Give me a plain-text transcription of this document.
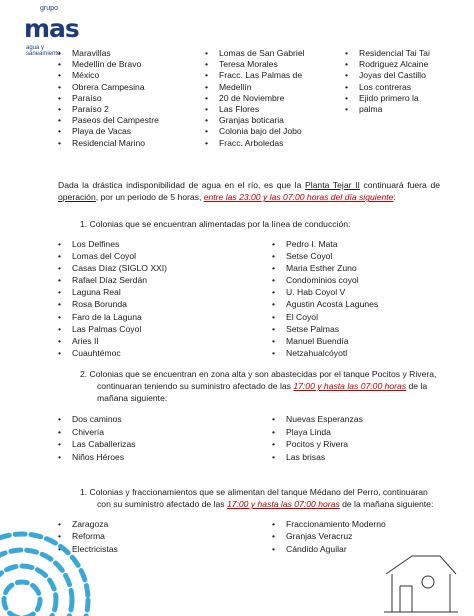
grupo
mas
agua y
saneamiento
•	Maravillas
• Medellín de Bravo
• México
• Obrera Campesina
• Paraíso
• Paraíso 2
• Paseos del Campestre
• Playa de Vacas
• Residencial Marino
• Lomas de San Gabriel
• Teresa Morales
• Fracc. Las Palmas de
• Medellín
• 20 de Noviembre
• Las Flores
• Granjas boticaria
• Colonia bajo del Jobo
• Fracc. Arboledas
• Residencial Tai Tai
• Rodriguez Alcaine
• Joyas del Castillo
• Los contreras
• Ejido primero la
• palma
Dada la drástica indisponibilidad de agua en el río, es que la Planta Tejar II continuará fuera de operación, por un periodo de 5 horas, entre las 23:00 y las 07:00 horas del día siguiente:
1. Colonias que se encuentran alimentadas por la línea de conducción:
• Los Delfines
• Lomas del Coyol
• Casas Díaz (SIGLO XXI)
• Rafael Díaz Serdán
• Laguna Real
• Rosa Borunda
• Faro de la Laguna
• Las Palmas Coyol
• Aries II
• Cuauhtémoc
• Pedro I. Mata
• Setse Coyol
• Maria Esther Zuno
• Condominios coyol
• U. Hab Coyol V
• Agustin Acosta Lagunes
• El Coyol
• Setse Palmas
• Manuel Buendía
• Netzahualcóyotl
2. Colonias que se encuentran en zona alta y son abastecidas por el tanque Pocitos y Rivera,
continuaran teniendo su suministro afectado de las 17:00 y hasta las 07:00 horas de la
mañana siguiente:
• Dos caminos
• Chivería
• Las Caballerizas
• Niños Héroes
• Nuevas Esperanzas
• Playa Linda
• Pocitos y Rivera
• Las brisas
1. Colonias y fraccionamientos que se alimentan del tanque Médano del Perro, continuaran
con su suministro afectado de las 17:00 y hasta las 07:00 horas de la mañana siguiente:
• Zaragoza
• Reforma
• Electricistas
• Fraccionamiento Moderno
• Granjas Veracruz
• Cándido Aguilar
